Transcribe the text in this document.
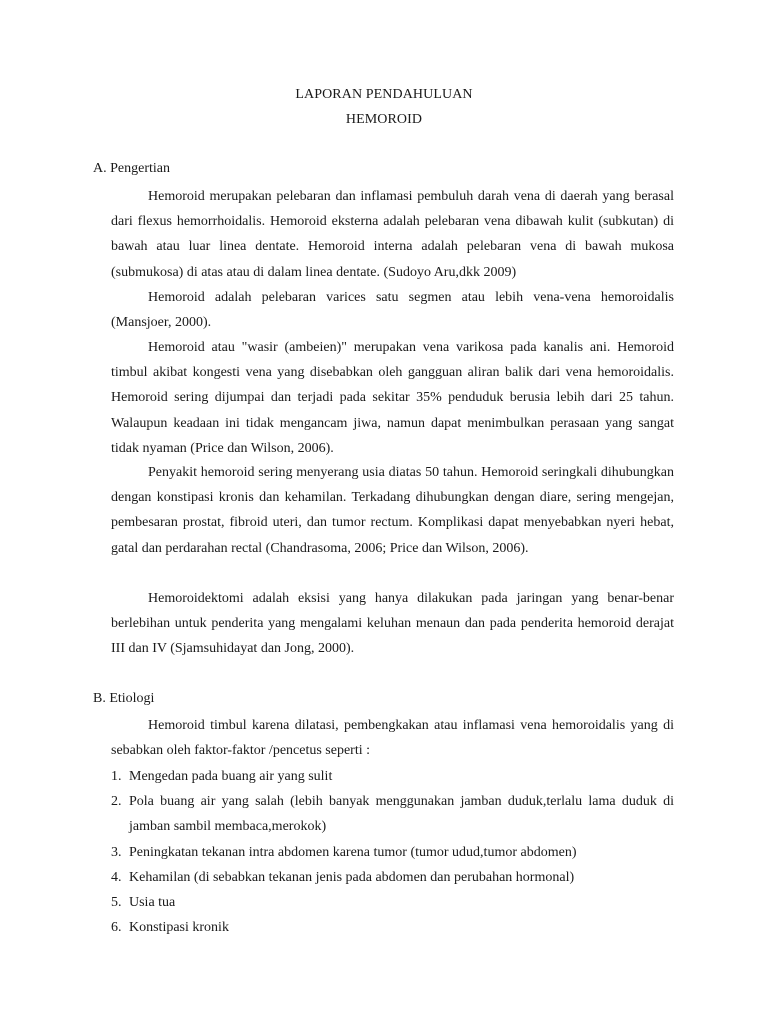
LAPORAN PENDAHULUAN
HEMOROID
A. Pengertian

Hemoroid merupakan pelebaran dan inflamasi pembuluh darah vena di daerah yang berasal dari flexus hemorrhoidalis. Hemoroid eksterna adalah pelebaran vena dibawah kulit (subkutan) di bawah atau luar linea dentate. Hemoroid interna adalah pelebaran vena di bawah mukosa (submukosa) di atas atau di dalam linea dentate. (Sudoyo Aru,dkk 2009)

Hemoroid adalah pelebaran varices satu segmen atau lebih vena-vena hemoroidalis (Mansjoer, 2000).

Hemoroid atau "wasir (ambeien)" merupakan vena varikosa pada kanalis ani. Hemoroid timbul akibat kongesti vena yang disebabkan oleh gangguan aliran balik dari vena hemoroidalis. Hemoroid sering dijumpai dan terjadi pada sekitar 35% penduduk berusia lebih dari 25 tahun. Walaupun keadaan ini tidak mengancam jiwa, namun dapat menimbulkan perasaan yang sangat tidak nyaman (Price dan Wilson, 2006).

Penyakit hemoroid sering menyerang usia diatas 50 tahun. Hemoroid seringkali dihubungkan dengan konstipasi kronis dan kehamilan. Terkadang dihubungkan dengan diare, sering mengejan, pembesaran prostat, fibroid uteri, dan tumor rectum. Komplikasi dapat menyebabkan nyeri hebat, gatal dan perdarahan rectal (Chandrasoma, 2006; Price dan Wilson, 2006).

Hemoroidektomi adalah eksisi yang hanya dilakukan pada jaringan yang benar-benar berlebihan untuk penderita yang mengalami keluhan menaun dan pada penderita hemoroid derajat III dan IV (Sjamsuhidayat dan Jong, 2000).

B. Etiologi

Hemoroid timbul karena dilatasi, pembengkakan atau inflamasi vena hemoroidalis yang di sebabkan oleh faktor-faktor /pencetus seperti :

1. Mengedan pada buang air yang sulit
2. Pola buang air yang salah (lebih banyak menggunakan jamban duduk,terlalu lama duduk di jamban sambil membaca,merokok)
3. Peningkatan tekanan intra abdomen karena tumor (tumor udud,tumor abdomen)
4. Kehamilan (di sebabkan tekanan jenis pada abdomen dan perubahan hormonal)
5. Usia tua
6. Konstipasi kronik
